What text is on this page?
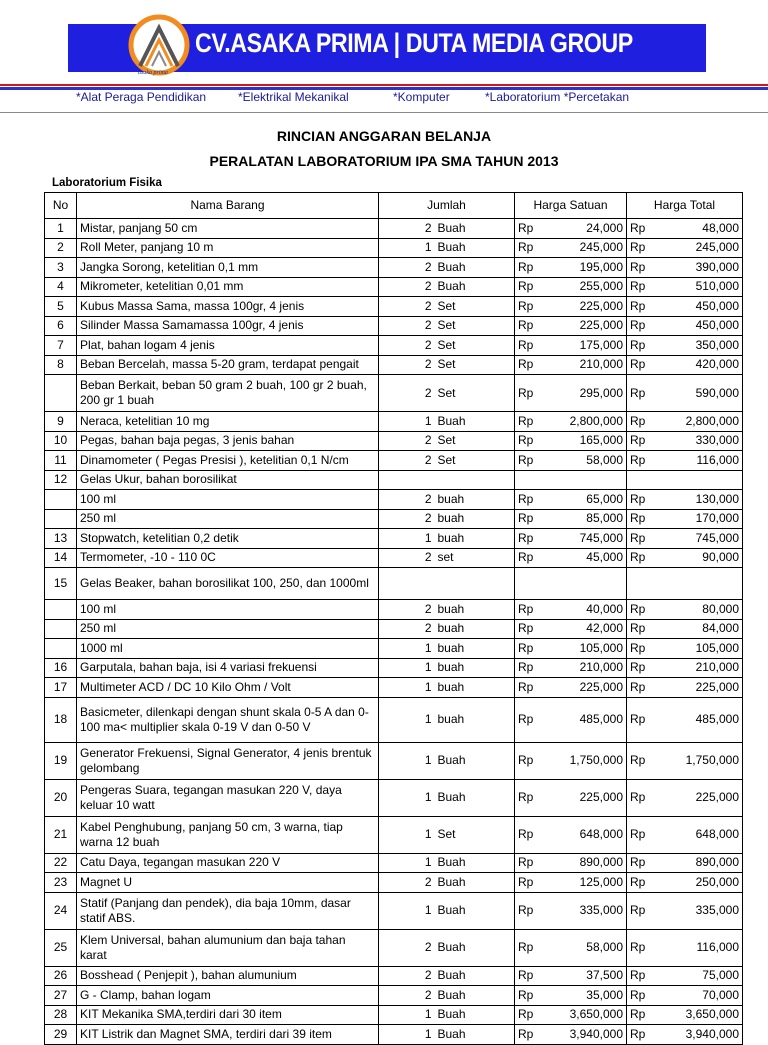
asaka prima
CV.ASAKA PRIMA | DUTA MEDIA GROUP
*Alat Peraga Pendidikan	*Elektrikal Mekanikal	*Komputer	*Laboratorium *Percetakan
RINCIAN ANGGARAN BELANJA
PERALATAN LABORATORIUM IPA SMA TAHUN 2013
Laboratorium Fisika
No	Nama Barang	Jumlah		Harga Satuan		Harga Total	
1	Mistar, panjang 50 cm	2	Buah	Rp	24,000	Rp	48,000
2	Roll Meter, panjang 10 m	1	Buah	Rp	245,000	Rp	245,000
3	Jangka Sorong, ketelitian 0,1 mm	2	Buah	Rp	195,000	Rp	390,000
4	Mikrometer, ketelitian 0,01 mm	2	Buah	Rp	255,000	Rp	510,000
5	Kubus Massa Sama, massa 100gr, 4 jenis	2	Set	Rp	225,000	Rp	450,000
6	Silinder Massa Samamassa 100gr, 4 jenis	2	Set	Rp	225,000	Rp	450,000
7	Plat, bahan logam 4 jenis	2	Set	Rp	175,000	Rp	350,000
8	Beban Bercelah, massa 5-20 gram, terdapat pengait	2	Set	Rp	210,000	Rp	420,000
	Beban Berkait, beban 50 gram 2 buah, 100 gr 2 buah, 200 gr 1 buah	2	Set	Rp	295,000	Rp	590,000
9	Neraca, ketelitian 10 mg	1	Buah	Rp	2,800,000	Rp	2,800,000
10	Pegas, bahan baja pegas, 3 jenis bahan	2	Set	Rp	165,000	Rp	330,000
11	Dinamometer ( Pegas Presisi ), ketelitian 0,1 N/cm	2	Set	Rp	58,000	Rp	116,000
12	Gelas Ukur, bahan borosilikat						
	100 ml	2	buah	Rp	65,000	Rp	130,000
	250 ml	2	buah	Rp	85,000	Rp	170,000
13	Stopwatch, ketelitian 0,2 detik	1	buah	Rp	745,000	Rp	745,000
14	Termometer, -10 - 110 0C	2	set	Rp	45,000	Rp	90,000
15	Gelas Beaker, bahan borosilikat 100, 250, dan 1000ml						
	100 ml	2	buah	Rp	40,000	Rp	80,000
	250 ml	2	buah	Rp	42,000	Rp	84,000
	1000 ml	1	buah	Rp	105,000	Rp	105,000
16	Garputala, bahan baja, isi 4 variasi frekuensi	1	buah	Rp	210,000	Rp	210,000
17	Multimeter ACD / DC 10 Kilo Ohm / Volt	1	buah	Rp	225,000	Rp	225,000
18	Basicmeter, dilenkapi dengan shunt skala 0-5 A dan 0-100 ma< multiplier skala 0-19 V dan 0-50 V	1	buah	Rp	485,000	Rp	485,000
19	Generator Frekuensi, Signal Generator, 4 jenis brentuk gelombang	1	Buah	Rp	1,750,000	Rp	1,750,000
20	Pengeras Suara, tegangan masukan 220 V, daya keluar 10 watt	1	Buah	Rp	225,000	Rp	225,000
21	Kabel Penghubung, panjang 50 cm, 3 warna, tiap warna 12 buah	1	Set	Rp	648,000	Rp	648,000
22	Catu Daya, tegangan masukan 220 V	1	Buah	Rp	890,000	Rp	890,000
23	Magnet U	2	Buah	Rp	125,000	Rp	250,000
24	Statif (Panjang dan pendek), dia baja 10mm, dasar statif ABS.	1	Buah	Rp	335,000	Rp	335,000
25	Klem Universal, bahan alumunium dan baja tahan karat	2	Buah	Rp	58,000	Rp	116,000
26	Bosshead ( Penjepit ), bahan alumunium	2	Buah	Rp	37,500	Rp	75,000
27	G - Clamp, bahan logam	2	Buah	Rp	35,000	Rp	70,000
28	KIT Mekanika SMA,terdiri dari 30 item	1	Buah	Rp	3,650,000	Rp	3,650,000
29	KIT Listrik dan Magnet SMA, terdiri dari 39 item	1	Buah	Rp	3,940,000	Rp	3,940,000
